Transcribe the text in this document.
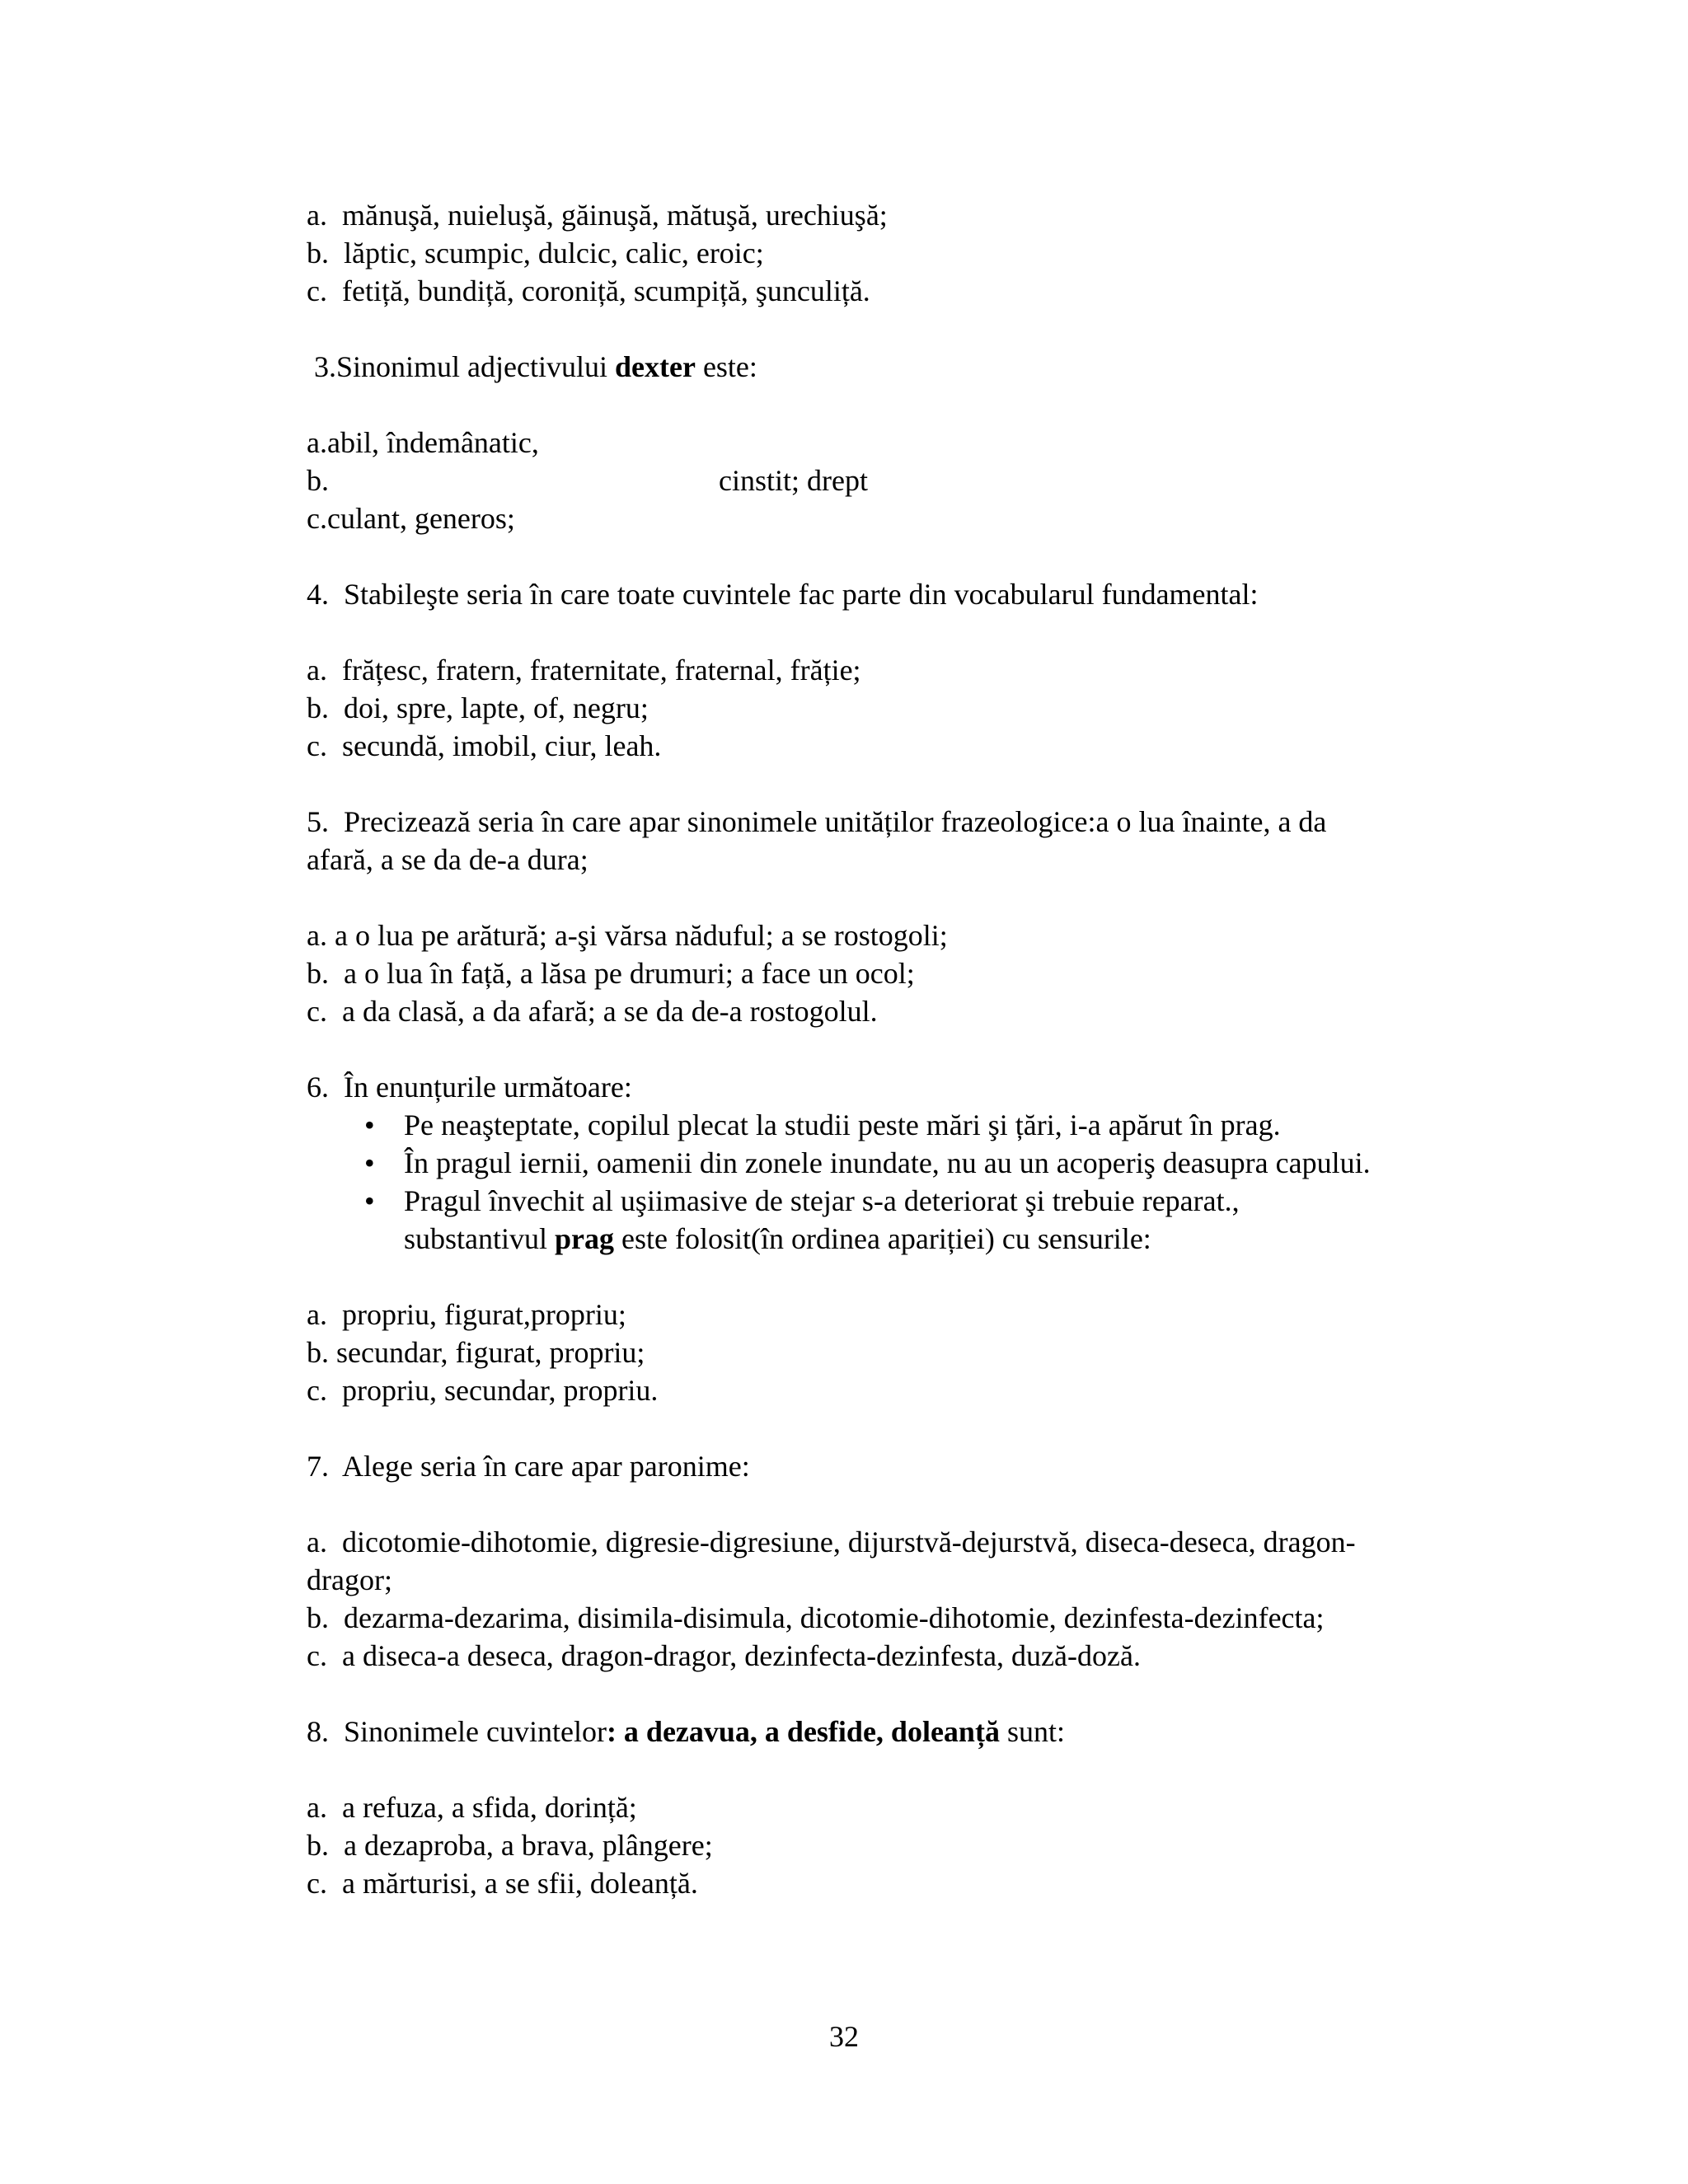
a.  mănuşă, nuieluşă, găinuşă, mătuşă, urechiuşă;
b.  lăptic, scumpic, dulcic, calic, eroic;
c.  fetiță, bundiță, coroniță, scumpiță, şunculiță.
3.Sinonimul adjectivului dexter este:
a.abil, îndemânatic,
b.	cinstit; drept
c.culant, generos;
4.  Stabileşte seria în care toate cuvintele fac parte din vocabularul fundamental:
a.  frățesc, fratern, fraternitate, fraternal, frăție;
b.  doi, spre, lapte, of, negru;
c.  secundă, imobil, ciur, leah.
5.  Precizează seria în care apar sinonimele unităților frazeologice:a o lua înainte, a da
afară, a se da de-a dura;
a. a o lua pe arătură; a-şi vărsa năduful; a se rostogoli;
b.  a o lua în față, a lăsa pe drumuri; a face un ocol;
c.  a da clasă, a da afară; a se da de-a rostogolul.
6.  În enunțurile următoare:
• Pe neaşteptate, copilul plecat la studii peste mări şi țări, i-a apărut în prag.
• În pragul iernii, oamenii din zonele inundate, nu au un acoperiş deasupra capului.
• Pragul învechit al uşiimasive de stejar s-a deteriorat şi trebuie reparat.,
substantivul prag este folosit(în ordinea apariției) cu sensurile:
a.  propriu, figurat,propriu;
b. secundar, figurat, propriu;
c.  propriu, secundar, propriu.
7.  Alege seria în care apar paronime:
a.  dicotomie-dihotomie, digresie-digresiune, dijurstvă-dejurstvă, diseca-deseca, dragon-
dragor;
b.  dezarma-dezarima, disimila-disimula, dicotomie-dihotomie, dezinfesta-dezinfecta;
c.  a diseca-a deseca, dragon-dragor, dezinfecta-dezinfesta, duză-doză.
8.  Sinonimele cuvintelor: a dezavua, a desfide, doleanță sunt:
a.  a refuza, a sfida, dorință;
b.  a dezaproba, a brava, plângere;
c.  a mărturisi, a se sfii, doleanță.
32
